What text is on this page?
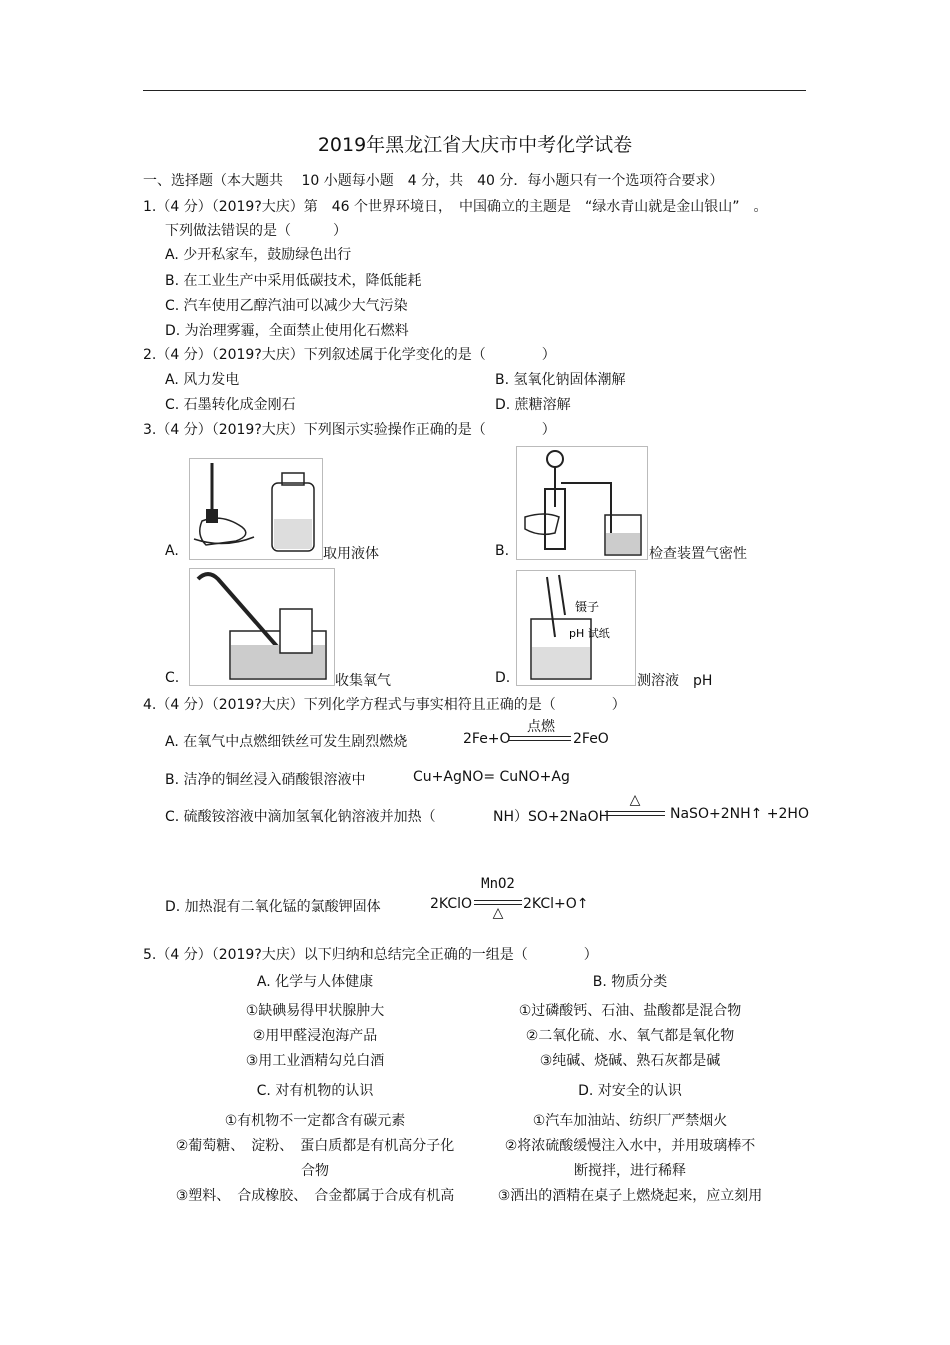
2019年黑龙江省大庆市中考化学试卷
一、选择题（本大题共　 10 小题每小题　4 分，共　40 分．每小题只有一个选项符合要求）
1.（4 分）（2019?大庆）第　46 个世界环境日，　中国确立的主题是　“绿水青山就是金山银山”　。
下列做法错误的是（　　　）
A. 少开私家车，鼓励绿色出行
B. 在工业生产中采用低碳技术，降低能耗
C. 汽车使用乙醇汽油可以减少大气污染
D. 为治理雾霾，全面禁止使用化石燃料
2.（4 分）（2019?大庆）下列叙述属于化学变化的是（　　　　）
A. 风力发电	B. 氢氧化钠固体潮解
C. 石墨转化成金刚石	D. 蔗糖溶解
3.（4 分）（2019?大庆）下列图示实验操作正确的是（　　　　）
A.	取用液体	B.	检查装置气密性
C.	收集氧气	D.
镊子
pH 试纸
测溶液　pH
4.（4 分）（2019?大庆）下列化学方程式与事实相符且正确的是（　　　　）
A. 在氧气中点燃细铁丝可发生剧烈燃烧	2Fe+O
点燃
2FeO
B. 洁净的铜丝浸入硝酸银溶液中	Cu+AgNO= CuNO+Ag
C. 硫酸铵溶液中滴加氢氧化钠溶液并加热（	NH）SO+2NaOH
△
NaSO+2NH↑ +2HO
D. 加热混有二氧化锰的氯酸钾固体	2KClO
MnO2
△
2KCl+O↑
5.（4 分）（2019?大庆）以下归纳和总结完全正确的一组是（　　　　）
A. 化学与人体健康
①缺碘易得甲状腺肿大
②用甲醛浸泡海产品
③用工业酒精勾兑白酒
B. 物质分类
①过磷酸钙、石油、盐酸都是混合物
②二氧化硫、水、氧气都是氧化物
③纯碱、烧碱、熟石灰都是碱
C. 对有机物的认识
①有机物不一定都含有碳元素
②葡萄糖、　淀粉、　蛋白质都是有机高分子化
合物
③塑料、　合成橡胶、　合金都属于合成有机高
D. 对安全的认识
①汽车加油站、纺织厂严禁烟火
②将浓硫酸缓慢注入水中，并用玻璃棒不
断搅拌，进行稀释
③洒出的酒精在桌子上燃烧起来，应立刻用
